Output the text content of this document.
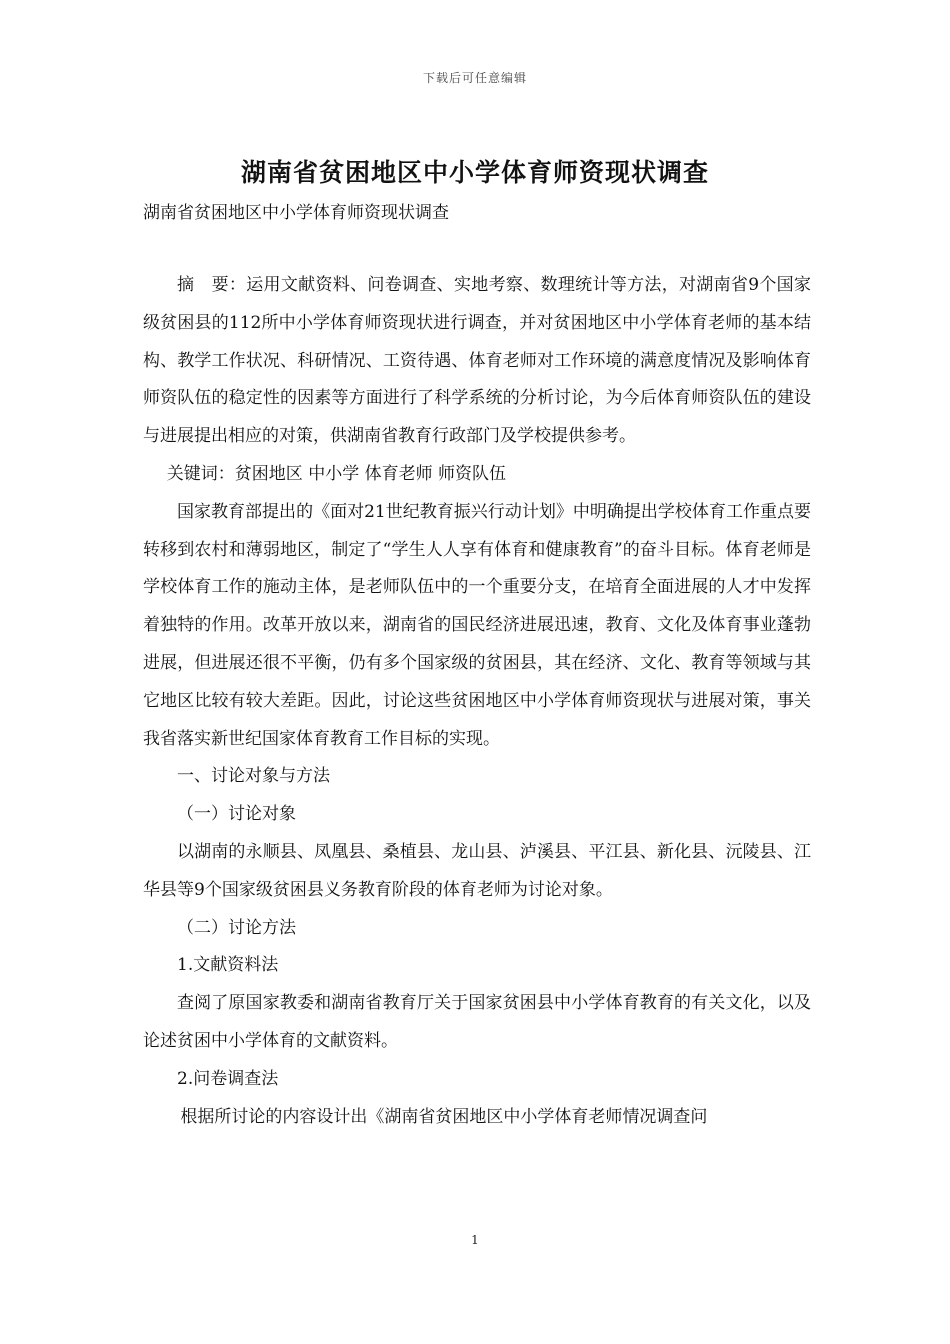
下载后可任意编辑
湖南省贫困地区中小学体育师资现状调查
湖南省贫困地区中小学体育师资现状调查

摘　要：运用文献资料、问卷调查、实地考察、数理统计等方法，对湖南省9个国家级贫困县的112所中小学体育师资现状进行调查，并对贫困地区中小学体育老师的基本结构、教学工作状况、科研情况、工资待遇、体育老师对工作环境的满意度情况及影响体育师资队伍的稳定性的因素等方面进行了科学系统的分析讨论，为今后体育师资队伍的建设与进展提出相应的对策，供湖南省教育行政部门及学校提供参考。

关键词：贫困地区 中小学 体育老师 师资队伍

国家教育部提出的《面对21世纪教育振兴行动计划》中明确提出学校体育工作重点要转移到农村和薄弱地区，制定了“学生人人享有体育和健康教育”的奋斗目标。体育老师是学校体育工作的施动主体，是老师队伍中的一个重要分支，在培育全面进展的人才中发挥着独特的作用。改革开放以来，湖南省的国民经济进展迅速，教育、文化及体育事业蓬勃进展，但进展还很不平衡，仍有多个国家级的贫困县，其在经济、文化、教育等领域与其它地区比较有较大差距。因此，讨论这些贫困地区中小学体育师资现状与进展对策，事关我省落实新世纪国家体育教育工作目标的实现。

一、讨论对象与方法

（一）讨论对象

以湖南的永顺县、凤凰县、桑植县、龙山县、泸溪县、平江县、新化县、沅陵县、江华县等9个国家级贫困县义务教育阶段的体育老师为讨论对象。

（二）讨论方法

1.文献资料法

查阅了原国家教委和湖南省教育厅关于国家贫困县中小学体育教育的有关文化，以及论述贫困中小学体育的文献资料。

2.问卷调查法

根据所讨论的内容设计出《湖南省贫困地区中小学体育老师情况调查问

1
